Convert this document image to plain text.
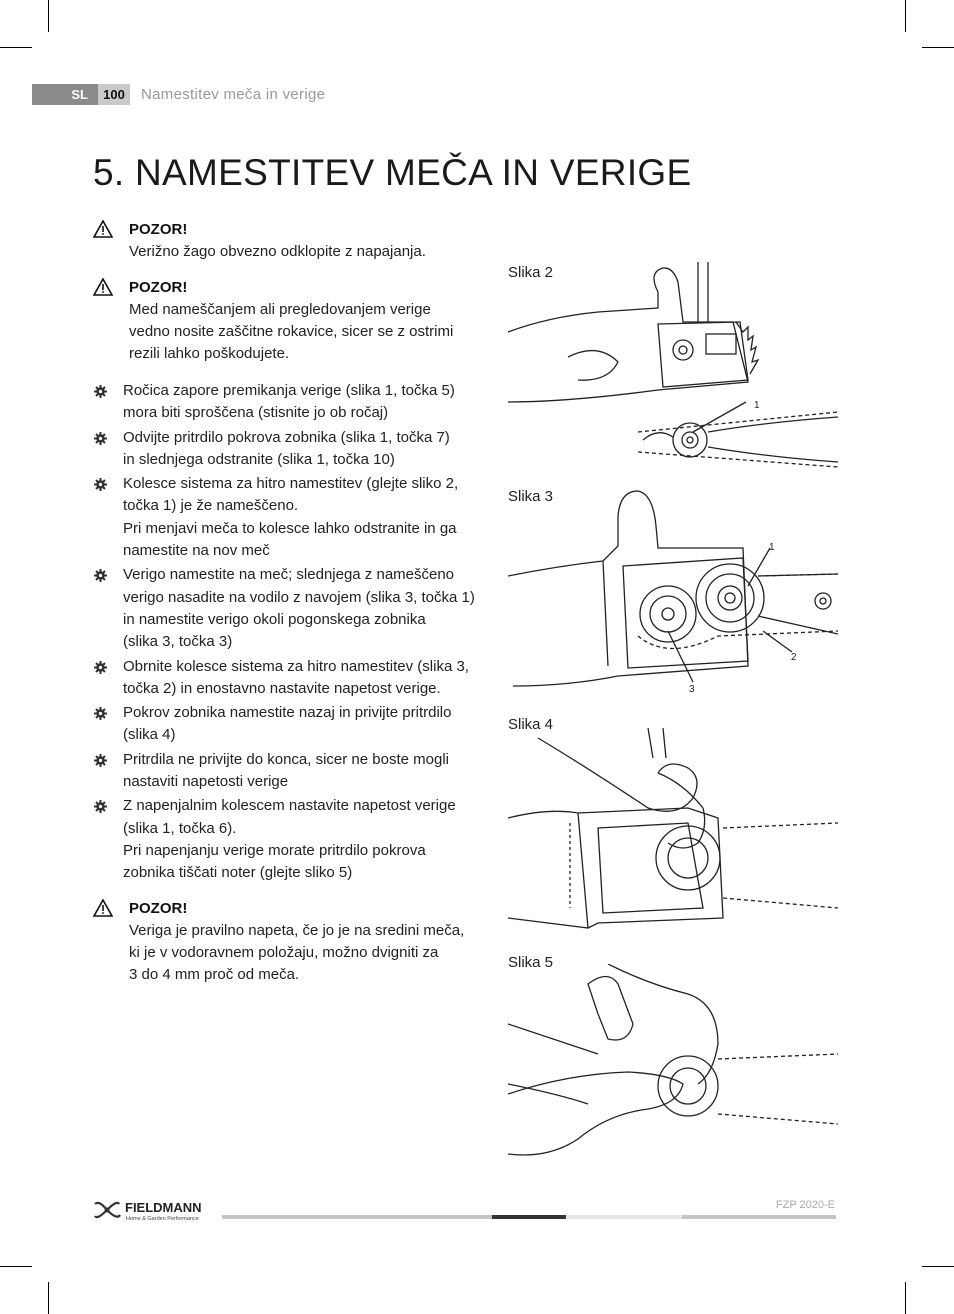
SL	100	Namestitev meča in verige
5. NAMESTITEV MEČA IN VERIGE
POZOR!
Verižno žago obvezno odklopite z napajanja.
POZOR!
Med nameščanjem ali pregledovanjem verige
vedno nosite zaščitne rokavice, sicer se z ostrimi
rezili lahko poškodujete.
Ročica zapore premikanja verige (slika 1, točka 5)
mora biti sproščena (stisnite jo ob ročaj)
Odvijte pritrdilo pokrova zobnika (slika 1, točka 7)
in slednjega odstranite (slika 1, točka 10)
Kolesce sistema za hitro namestitev (glejte sliko 2,
točka 1) je že nameščeno.
Pri menjavi meča to kolesce lahko odstranite in ga
namestite na nov meč
Verigo namestite na meč; slednjega z nameščeno
verigo nasadite na vodilo z navojem (slika 3, točka 1)
in namestite verigo okoli pogonskega zobnika
(slika 3, točka 3)
Obrnite kolesce sistema za hitro namestitev (slika 3,
točka 2) in enostavno nastavite napetost verige.
Pokrov zobnika namestite nazaj in privijte pritrdilo
(slika 4)
Pritrdila ne privijte do konca, sicer ne boste mogli
nastaviti napetosti verige
Z napenjalnim kolescem nastavite napetost verige
(slika 1, točka 6).
Pri napenjanju verige morate pritrdilo pokrova
zobnika tiščati noter (glejte sliko 5)
POZOR!
Veriga je pravilno napeta, če jo je na sredini meča,
ki je v vodoravnem položaju, možno dvigniti za
3 do 4 mm proč od meča.
Slika 2
1
Slika 3
1
2
3
Slika 4
Slika 5
FIELDMANN
Home & Garden Performance
FZP 2020-E
